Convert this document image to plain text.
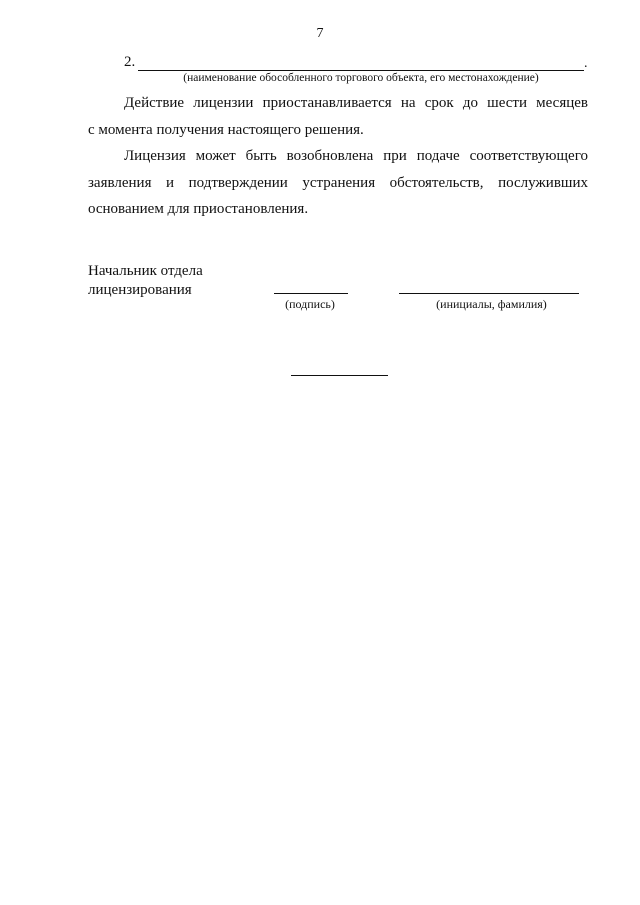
7
2.	.
(наименование обособленного торгового объекта, его местонахождение)
Действие лицензии приостанавливается на срок до шести месяцев
с момента получения настоящего решения.
Лицензия может быть возобновлена при подаче соответствующего
заявления и подтверждении устранения обстоятельств, послуживших основанием для приостановления.
Начальник отдела
лицензирования
(подпись)	(инициалы, фамилия)
